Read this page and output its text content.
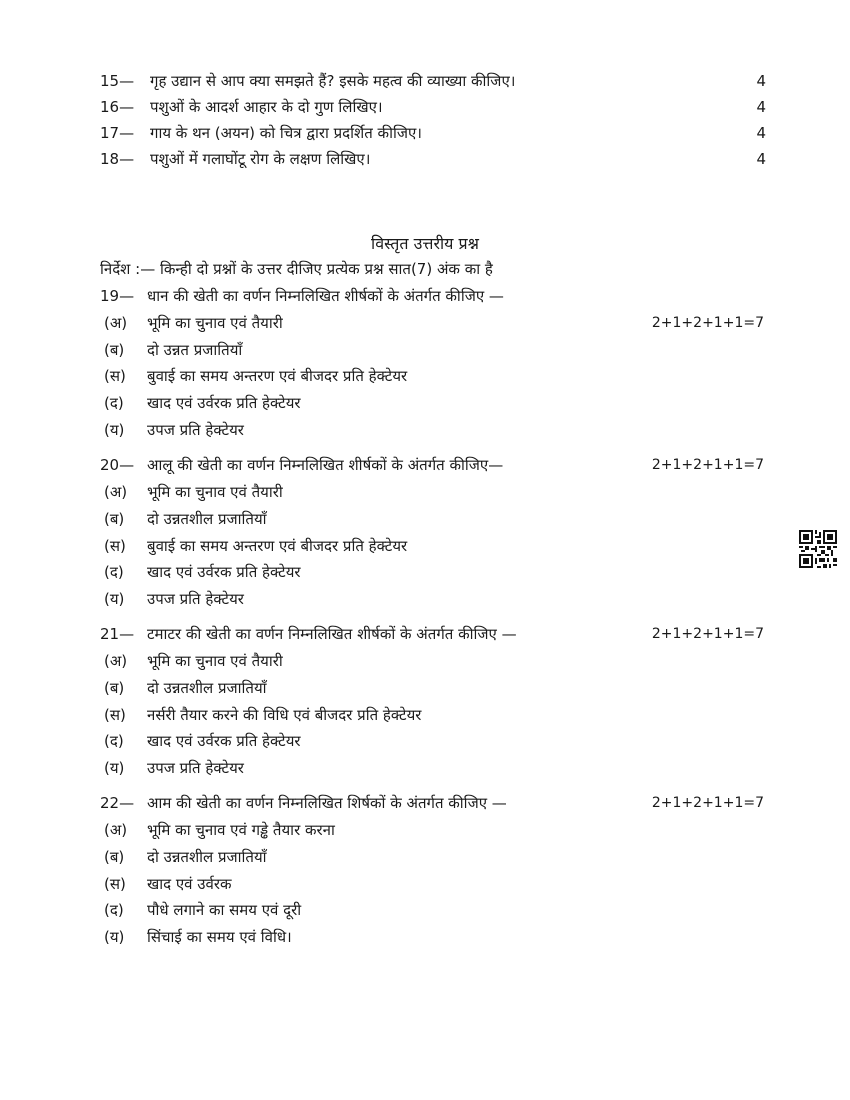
15—	गृह उद्यान से आप क्या समझते हैं? इसके महत्व की व्याख्या कीजिए।	4
16—	पशुओं के आदर्श आहार के दो गुण लिखिए।	4
17—	गाय के थन (अयन) को चित्र द्वारा प्रदर्शित कीजिए।	4
18—	पशुओं में गलाघोंटू रोग के लक्षण लिखिए।	4
विस्तृत उत्तरीय प्रश्न
निर्देश :— किन्ही दो प्रश्नों के उत्तर दीजिए प्रत्येक प्रश्न सात(7) अंक का है
19— धान की खेती का वर्णन निम्नलिखित शीर्षकों के अंतर्गत कीजिए —
(अ)	भूमि का चुनाव एवं तैयारी	2+1+2+1+1=7
(ब)	दो उन्नत प्रजातियाँ
(स)	बुवाई का समय अन्तरण एवं बीजदर प्रति हेक्टेयर
(द)	खाद एवं उर्वरक प्रति हेक्टेयर
(य)	उपज प्रति हेक्टेयर
20— आलू की खेती का वर्णन निम्नलिखित शीर्षकों के अंतर्गत कीजिए—	2+1+2+1+1=7
(अ)	भूमि का चुनाव एवं तैयारी
(ब)	दो उन्नतशील प्रजातियाँ
(स)	बुवाई का समय अन्तरण एवं बीजदर प्रति हेक्टेयर
(द)	खाद एवं उर्वरक प्रति हेक्टेयर
(य)	उपज प्रति हेक्टेयर
21— टमाटर की खेती का वर्णन निम्नलिखित शीर्षकों के अंतर्गत कीजिए —	2+1+2+1+1=7
(अ)	भूमि का चुनाव एवं तैयारी
(ब)	दो उन्नतशील प्रजातियाँ
(स)	नर्सरी तैयार करने की विधि एवं बीजदर प्रति हेक्टेयर
(द)	खाद एवं उर्वरक प्रति हेक्टेयर
(य)	उपज प्रति हेक्टेयर
22— आम की खेती का वर्णन निम्नलिखित शिर्षकों के अंतर्गत कीजिए —	2+1+2+1+1=7
(अ)	भूमि का चुनाव एवं गड्ढे तैयार करना
(ब)	दो उन्नतशील प्रजातियाँ
(स)	खाद एवं उर्वरक
(द)	पौधे लगाने का समय एवं दूरी
(य)	सिंचाई का समय एवं विधि।
